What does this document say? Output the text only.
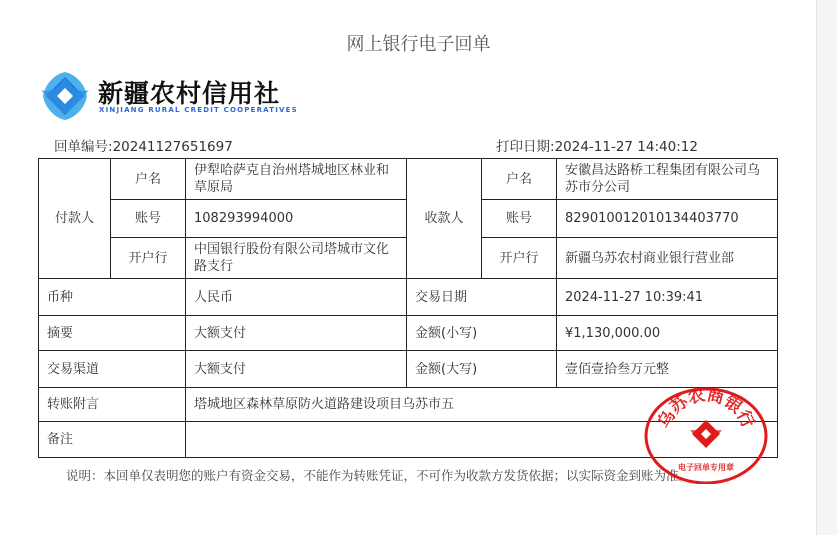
网上银行电子回单
新疆农村信用社
XINJIANG RURAL CREDIT COOPERATIVES
回单编号:20241127651697	打印日期:2024-11-27 14:40:12
付款人	户名	伊犁哈萨克自治州塔城地区林业和草原局	收款人	户名	安徽昌达路桥工程集团有限公司乌苏市分公司
	账号	108293994000		账号	829010012010134403770
	开户行	中国银行股份有限公司塔城市文化路支行		开户行	新疆乌苏农村商业银行营业部
币种		人民币	交易日期		2024-11-27 10:39:41
摘要		大额支付	金额(小写)		¥1,130,000.00
交易渠道		大额支付	金额(大写)		壹佰壹拾叁万元整
转账附言		塔城地区森林草原防火道路建设项目乌苏市五			
备注					
说明：本回单仅表明您的账户有资金交易，不能作为转账凭证，不可作为收款方发货依据；以实际资金到账为准。
乌苏农商银行
电子回单专用章
